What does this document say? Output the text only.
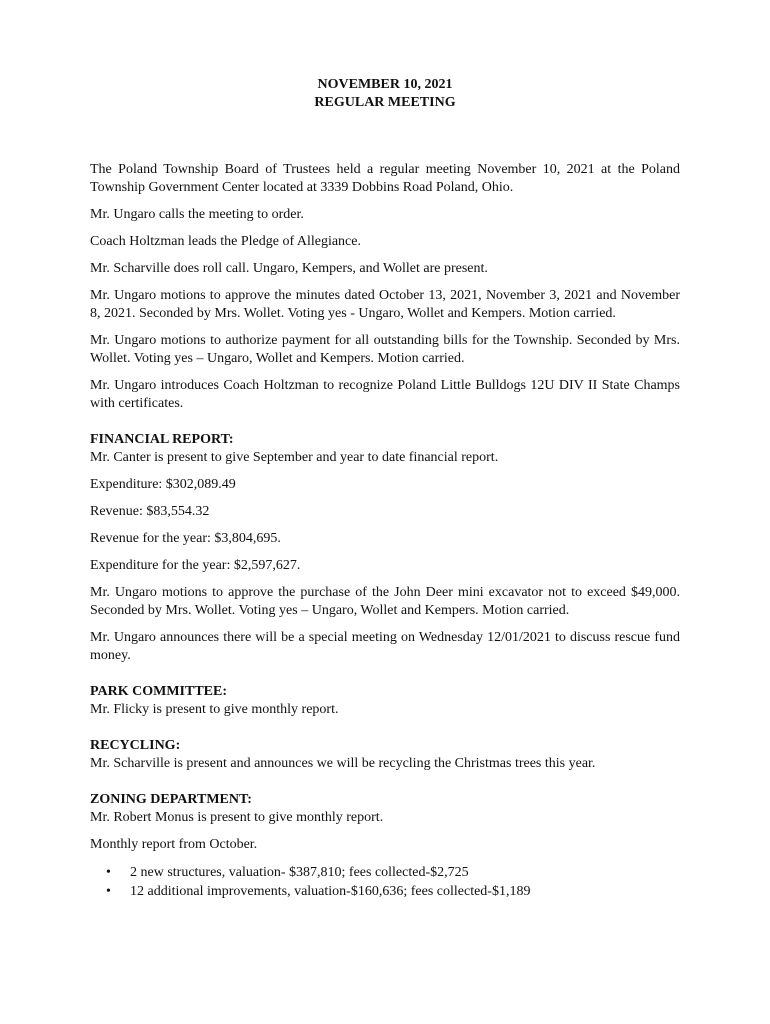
NOVEMBER 10, 2021
REGULAR MEETING

The Poland Township Board of Trustees held a regular meeting November 10, 2021 at the Poland Township Government Center located at 3339 Dobbins Road Poland, Ohio.

Mr. Ungaro calls the meeting to order.

Coach Holtzman leads the Pledge of Allegiance.

Mr. Scharville does roll call. Ungaro, Kempers, and Wollet are present.

Mr. Ungaro motions to approve the minutes dated October 13, 2021, November 3, 2021 and November 8, 2021. Seconded by Mrs. Wollet. Voting yes - Ungaro, Wollet and Kempers. Motion carried.

Mr. Ungaro motions to authorize payment for all outstanding bills for the Township. Seconded by Mrs. Wollet. Voting yes – Ungaro, Wollet and Kempers. Motion carried.

Mr. Ungaro introduces Coach Holtzman to recognize Poland Little Bulldogs 12U DIV II State Champs with certificates.

FINANCIAL REPORT:

Mr. Canter is present to give September and year to date financial report.

Expenditure: $302,089.49

Revenue: $83,554.32

Revenue for the year: $3,804,695.

Expenditure for the year: $2,597,627.

Mr. Ungaro motions to approve the purchase of the John Deer mini excavator not to exceed $49,000. Seconded by Mrs. Wollet. Voting yes – Ungaro, Wollet and Kempers. Motion carried.

Mr. Ungaro announces there will be a special meeting on Wednesday 12/01/2021 to discuss rescue fund money.

PARK COMMITTEE:

Mr. Flicky is present to give monthly report.

RECYCLING:

Mr. Scharville is present and announces we will be recycling the Christmas trees this year.

ZONING DEPARTMENT:

Mr. Robert Monus is present to give monthly report.

Monthly report from October.

• 2 new structures, valuation- $387,810; fees collected-$2,725
• 12 additional improvements, valuation-$160,636; fees collected-$1,189
